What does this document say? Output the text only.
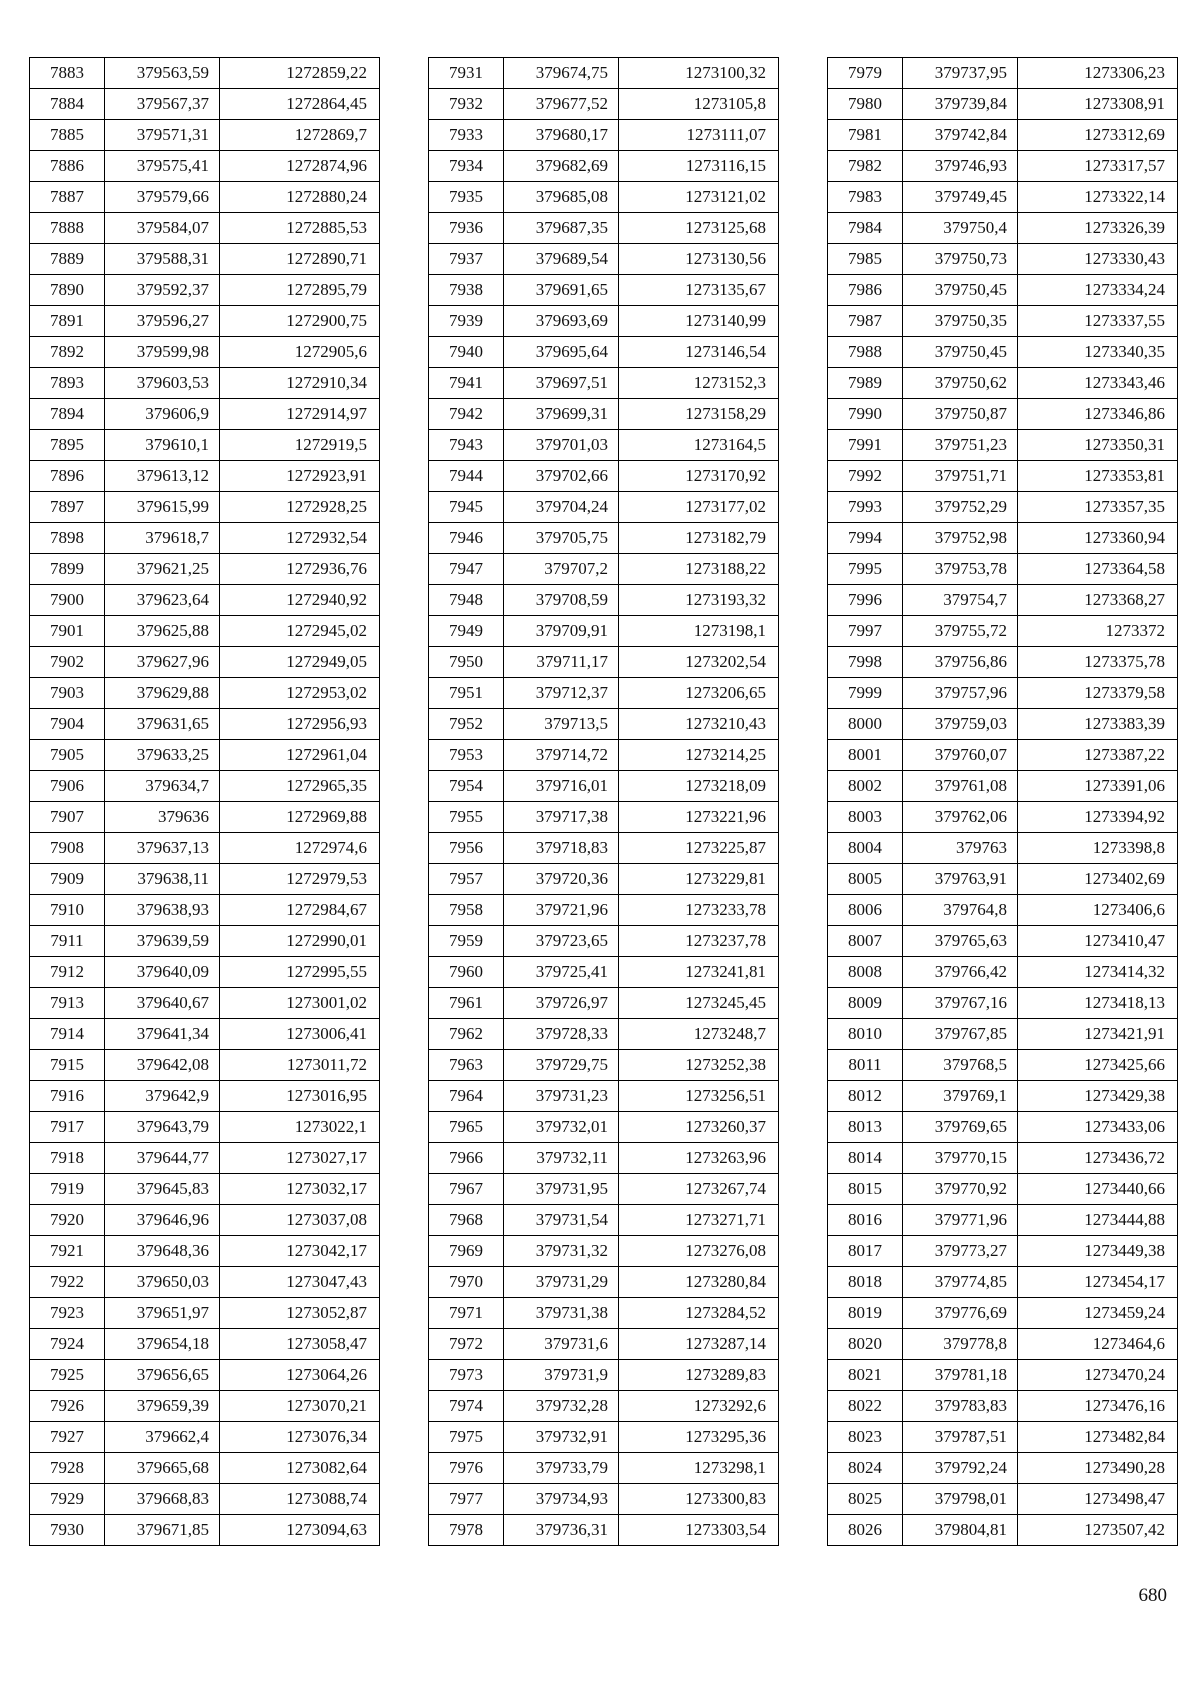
7883	379563,59	1272859,22
7884	379567,37	1272864,45
7885	379571,31	1272869,7
7886	379575,41	1272874,96
7887	379579,66	1272880,24
7888	379584,07	1272885,53
7889	379588,31	1272890,71
7890	379592,37	1272895,79
7891	379596,27	1272900,75
7892	379599,98	1272905,6
7893	379603,53	1272910,34
7894	379606,9	1272914,97
7895	379610,1	1272919,5
7896	379613,12	1272923,91
7897	379615,99	1272928,25
7898	379618,7	1272932,54
7899	379621,25	1272936,76
7900	379623,64	1272940,92
7901	379625,88	1272945,02
7902	379627,96	1272949,05
7903	379629,88	1272953,02
7904	379631,65	1272956,93
7905	379633,25	1272961,04
7906	379634,7	1272965,35
7907	379636	1272969,88
7908	379637,13	1272974,6
7909	379638,11	1272979,53
7910	379638,93	1272984,67
7911	379639,59	1272990,01
7912	379640,09	1272995,55
7913	379640,67	1273001,02
7914	379641,34	1273006,41
7915	379642,08	1273011,72
7916	379642,9	1273016,95
7917	379643,79	1273022,1
7918	379644,77	1273027,17
7919	379645,83	1273032,17
7920	379646,96	1273037,08
7921	379648,36	1273042,17
7922	379650,03	1273047,43
7923	379651,97	1273052,87
7924	379654,18	1273058,47
7925	379656,65	1273064,26
7926	379659,39	1273070,21
7927	379662,4	1273076,34
7928	379665,68	1273082,64
7929	379668,83	1273088,74
7930	379671,85	1273094,63
7931	379674,75	1273100,32
7932	379677,52	1273105,8
7933	379680,17	1273111,07
7934	379682,69	1273116,15
7935	379685,08	1273121,02
7936	379687,35	1273125,68
7937	379689,54	1273130,56
7938	379691,65	1273135,67
7939	379693,69	1273140,99
7940	379695,64	1273146,54
7941	379697,51	1273152,3
7942	379699,31	1273158,29
7943	379701,03	1273164,5
7944	379702,66	1273170,92
7945	379704,24	1273177,02
7946	379705,75	1273182,79
7947	379707,2	1273188,22
7948	379708,59	1273193,32
7949	379709,91	1273198,1
7950	379711,17	1273202,54
7951	379712,37	1273206,65
7952	379713,5	1273210,43
7953	379714,72	1273214,25
7954	379716,01	1273218,09
7955	379717,38	1273221,96
7956	379718,83	1273225,87
7957	379720,36	1273229,81
7958	379721,96	1273233,78
7959	379723,65	1273237,78
7960	379725,41	1273241,81
7961	379726,97	1273245,45
7962	379728,33	1273248,7
7963	379729,75	1273252,38
7964	379731,23	1273256,51
7965	379732,01	1273260,37
7966	379732,11	1273263,96
7967	379731,95	1273267,74
7968	379731,54	1273271,71
7969	379731,32	1273276,08
7970	379731,29	1273280,84
7971	379731,38	1273284,52
7972	379731,6	1273287,14
7973	379731,9	1273289,83
7974	379732,28	1273292,6
7975	379732,91	1273295,36
7976	379733,79	1273298,1
7977	379734,93	1273300,83
7978	379736,31	1273303,54
7979	379737,95	1273306,23
7980	379739,84	1273308,91
7981	379742,84	1273312,69
7982	379746,93	1273317,57
7983	379749,45	1273322,14
7984	379750,4	1273326,39
7985	379750,73	1273330,43
7986	379750,45	1273334,24
7987	379750,35	1273337,55
7988	379750,45	1273340,35
7989	379750,62	1273343,46
7990	379750,87	1273346,86
7991	379751,23	1273350,31
7992	379751,71	1273353,81
7993	379752,29	1273357,35
7994	379752,98	1273360,94
7995	379753,78	1273364,58
7996	379754,7	1273368,27
7997	379755,72	1273372
7998	379756,86	1273375,78
7999	379757,96	1273379,58
8000	379759,03	1273383,39
8001	379760,07	1273387,22
8002	379761,08	1273391,06
8003	379762,06	1273394,92
8004	379763	1273398,8
8005	379763,91	1273402,69
8006	379764,8	1273406,6
8007	379765,63	1273410,47
8008	379766,42	1273414,32
8009	379767,16	1273418,13
8010	379767,85	1273421,91
8011	379768,5	1273425,66
8012	379769,1	1273429,38
8013	379769,65	1273433,06
8014	379770,15	1273436,72
8015	379770,92	1273440,66
8016	379771,96	1273444,88
8017	379773,27	1273449,38
8018	379774,85	1273454,17
8019	379776,69	1273459,24
8020	379778,8	1273464,6
8021	379781,18	1273470,24
8022	379783,83	1273476,16
8023	379787,51	1273482,84
8024	379792,24	1273490,28
8025	379798,01	1273498,47
8026	379804,81	1273507,42
680
